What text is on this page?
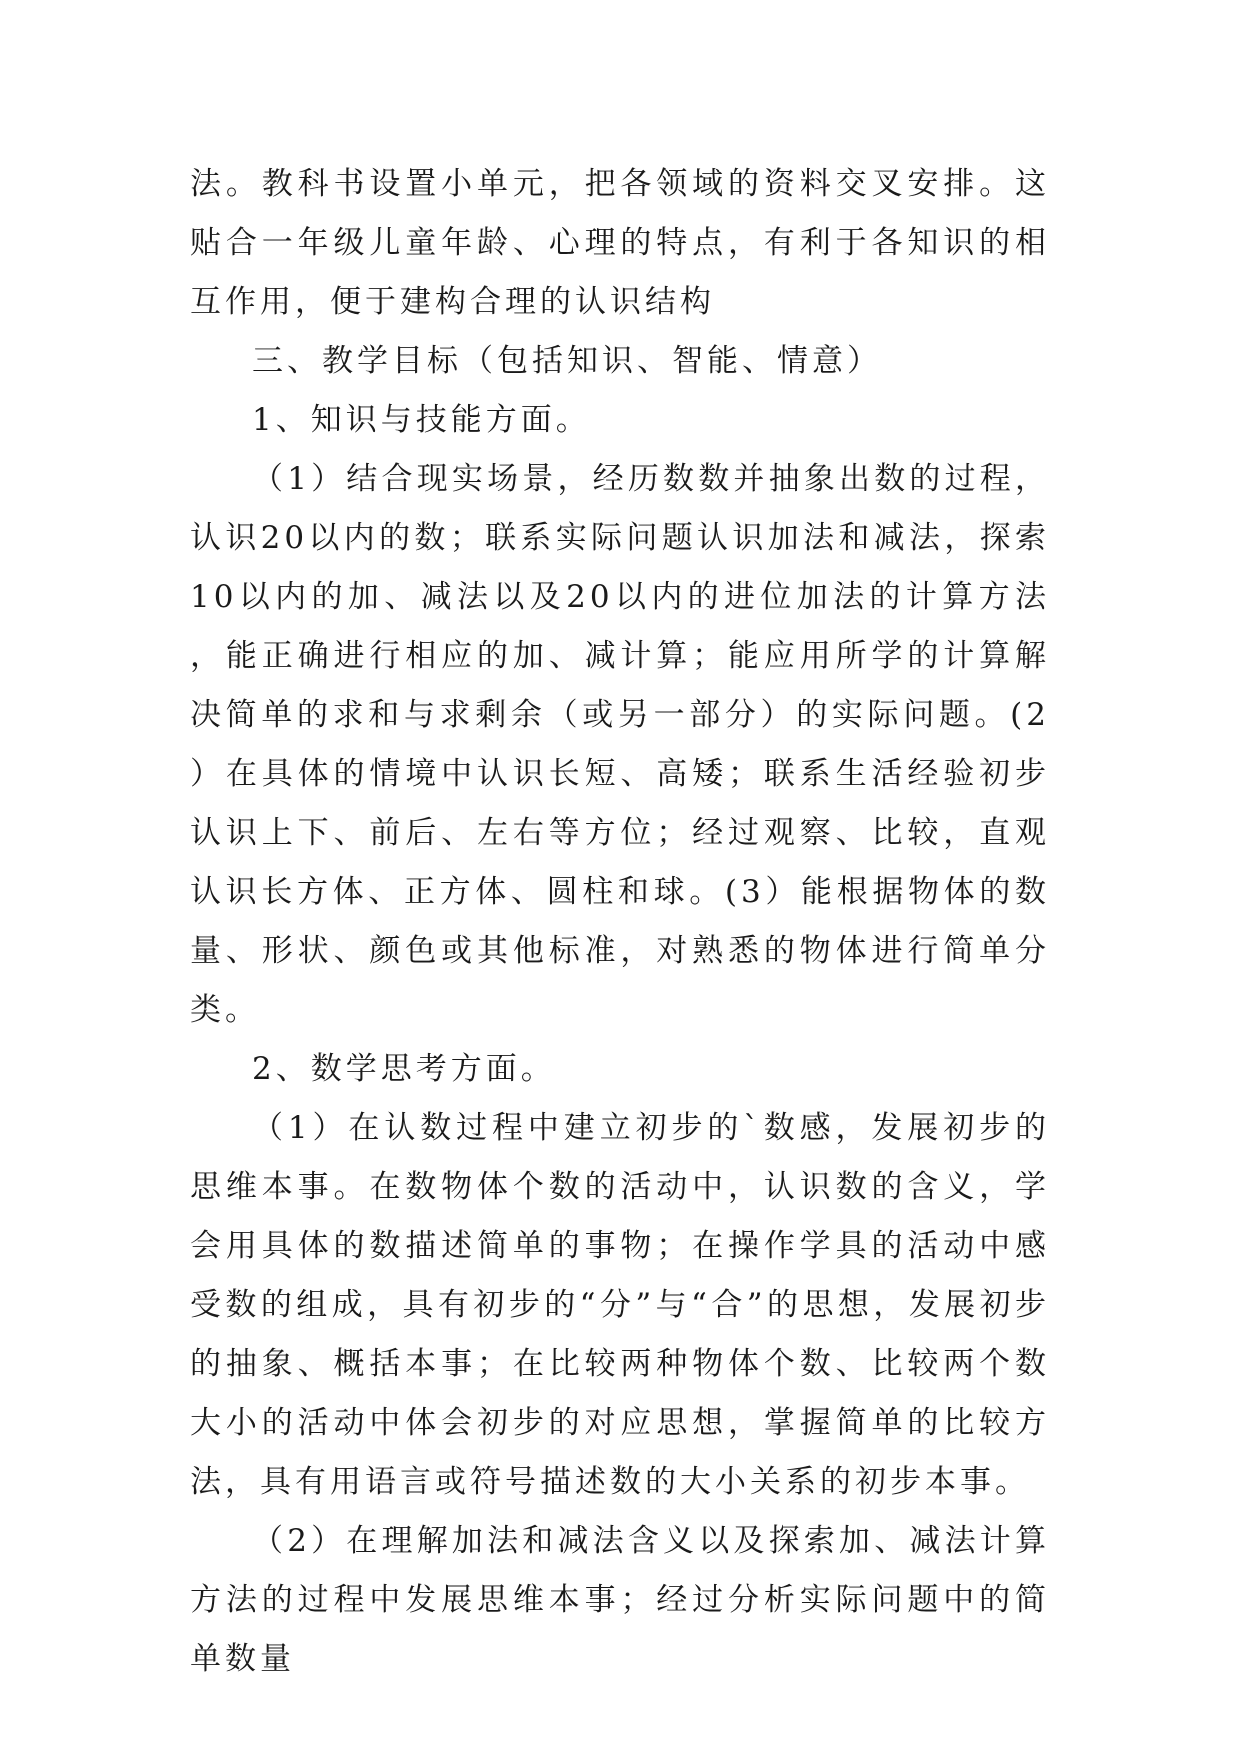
法。教科书设置小单元，把各领域的资料交叉安排。这贴合一年级儿童年龄、心理的特点，有利于各知识的相互作用，便于建构合理的认识结构

三、教学目标（包括知识、智能、情意）

1、知识与技能方面。

（1）结合现实场景，经历数数并抽象出数的过程，认识20以内的数；联系实际问题认识加法和减法，探索10以内的加、减法以及20以内的进位加法的计算方法，能正确进行相应的加、减计算；能应用所学的计算解决简单的求和与求剩余（或另一部分）的实际问题。(2）在具体的情境中认识长短、高矮；联系生活经验初步认识上下、前后、左右等方位；经过观察、比较，直观认识长方体、正方体、圆柱和球。(3）能根据物体的数量、形状、颜色或其他标准，对熟悉的物体进行简单分类。

2、数学思考方面。

（1）在认数过程中建立初步的`数感，发展初步的思维本事。在数物体个数的活动中，认识数的含义，学会用具体的数描述简单的事物；在操作学具的活动中感受数的组成，具有初步的“分”与“合”的思想，发展初步的抽象、概括本事；在比较两种物体个数、比较两个数大小的活动中体会初步的对应思想，掌握简单的比较方法，具有用语言或符号描述数的大小关系的初步本事。

（2）在理解加法和减法含义以及探索加、减法计算方法的过程中发展思维本事；经过分析实际问题中的简单数量
